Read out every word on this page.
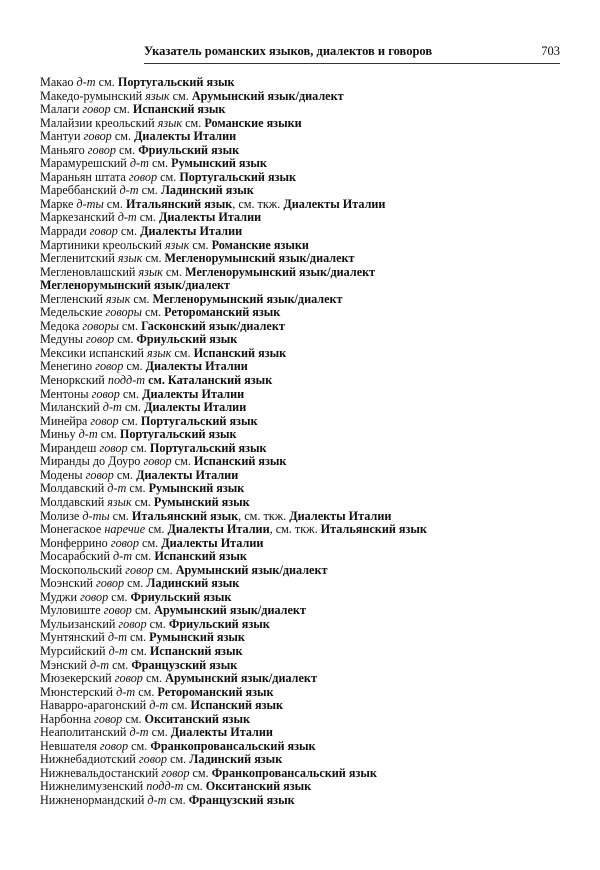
Указатель романских языков, диалектов и говоров	703
Макао д-т см. Португальский язык
Македо-румынский язык см. Арумынский язык/диалект
Малаги говор см. Испанский язык
Малайзии креольский язык см. Романские языки
Мантуи говор см. Диалекты Италии
Маньяго говор см. Фриульский язык
Марамурешский д-т см. Румынский язык
Мараньян штата говор см. Португальский язык
Мареббанский д-т см. Ладинский язык
Марке д-ты см. Итальянский язык, см. ткж. Диалекты Италии
Маркезанский д-т см. Диалекты Италии
Марради говор см. Диалекты Италии
Мартиники креольский язык см. Романские языки
Мегленитский язык см. Мегленорумынский язык/диалект
Мегленовлашский язык см. Мегленорумынский язык/диалект
Мегленорумынский язык/диалект
Мегленский язык см. Мегленорумынский язык/диалект
Медельские говоры см. Ретороманский язык
Медока говоры см. Гасконский язык/диалект
Медуны говор см. Фриульский язык
Мексики испанский язык см. Испанский язык
Менегино говор см. Диалекты Италии
Меноркский подд-т см. Каталанский язык
Ментоны говор см. Диалекты Италии
Миланский д-т см. Диалекты Италии
Минейра говор см. Португальский язык
Миньу д-т см. Португальский язык
Мирандеш говор см. Португальский язык
Миранды до Доуро говор см. Испанский язык
Модены говор см. Диалекты Италии
Молдавский д-т см. Румынский язык
Молдавский язык см. Румынский язык
Молизе д-ты см. Итальянский язык, см. ткж. Диалекты Италии
Монегаское наречие см. Диалекты Италии, см. ткж. Итальянский язык
Монферрино говор см. Диалекты Италии
Мосарабский д-т см. Испанский язык
Москопольский говор см. Арумынский язык/диалект
Моэнский говор см. Ладинский язык
Муджи говор см. Фриульский язык
Муловиште говор см. Арумынский язык/диалект
Мульизанский говор см. Фриульский язык
Мунтянский д-т см. Румынский язык
Мурсийский д-т см. Испанский язык
Мэнский д-т см. Французский язык
Мюзекерский говор см. Арумынский язык/диалект
Мюнстерский д-т см. Ретороманский язык
Наварро-арагонский д-т см. Испанский язык
Нарбонна говор см. Окситанский язык
Неаполитанский д-т см. Диалекты Италии
Невшателя говор см. Франкопровансальский язык
Нижнебадиотский говор см. Ладинский язык
Нижневальдостанский говор см. Франкопровансальский язык
Нижнелимузенский подд-т см. Окситанский язык
Нижненормандский д-т см. Французский язык
